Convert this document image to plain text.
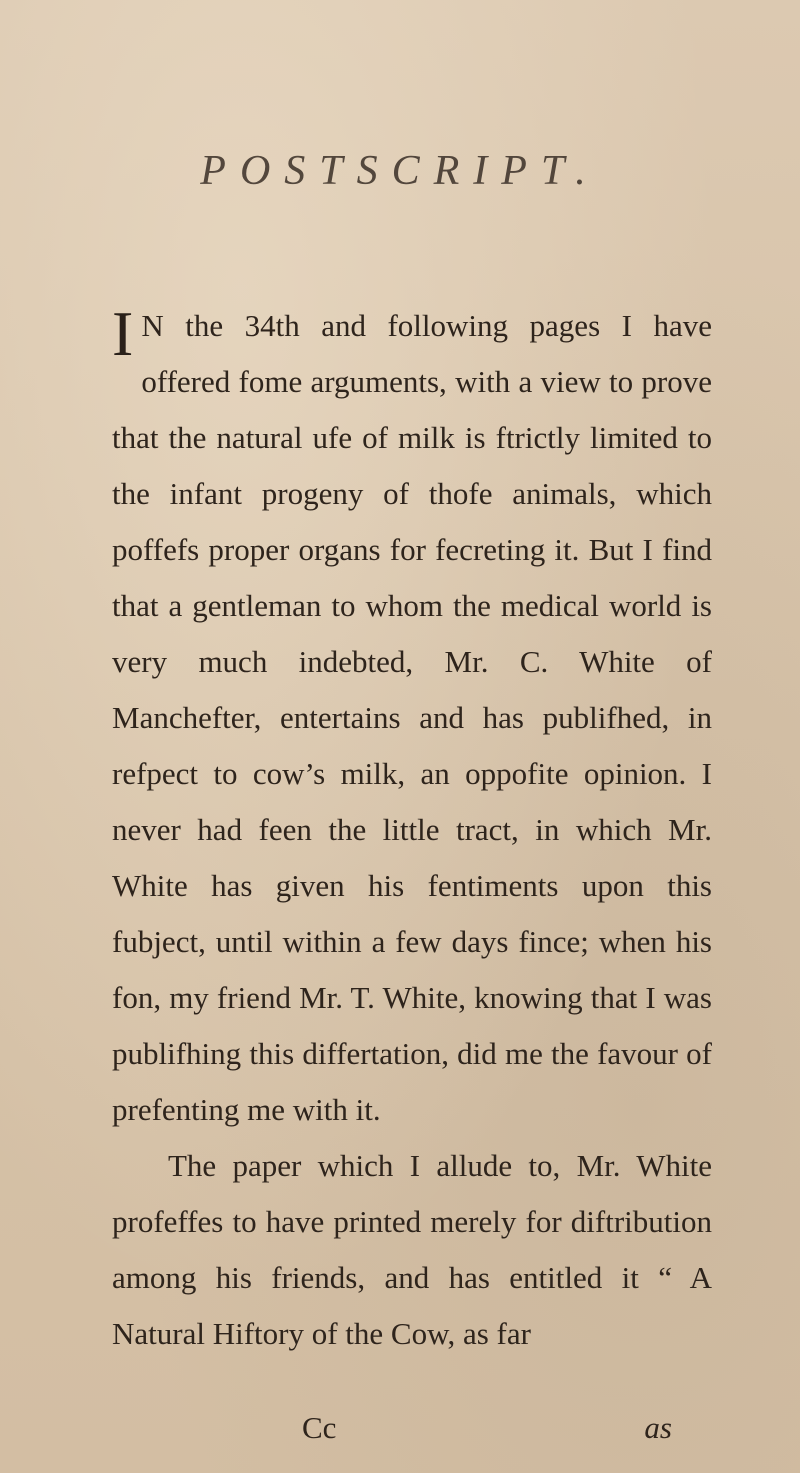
POSTSCRIPT.

I N the 34th and following pages I have offered fome arguments, with a view to prove that the natural ufe of milk is ftrictly limited to the infant progeny of thofe animals, which poffefs proper organs for fecreting it. But I find that a gentleman to whom the medical world is very much indebted, Mr. C. White of Manchefter, entertains and has publifhed, in refpect to cow’s milk, an oppofite opinion. I never had feen the little tract, in which Mr. White has given his fentiments upon this fubject, until within a few days fince; when his fon, my friend Mr. T. White, knowing that I was publifhing this differtation, did me the favour of prefenting me with it.

The paper which I allude to, Mr. White profeffes to have printed merely for diftribution among his friends, and has entitled it “ A Natural Hiftory of the Cow, as far

Cc	as
